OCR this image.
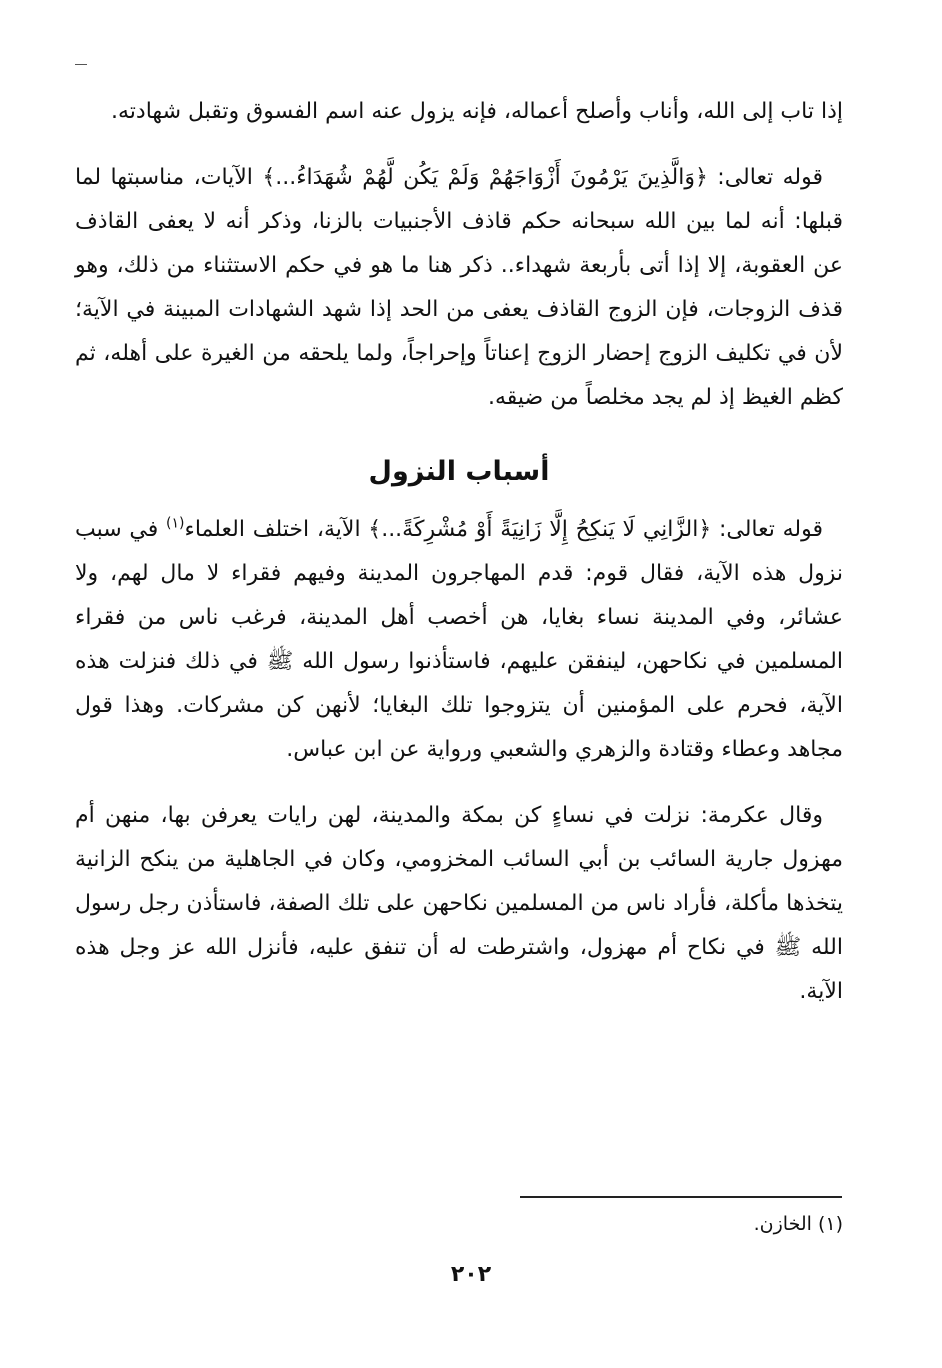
إذا تاب إلى الله، وأناب وأصلح أعماله، فإنه يزول عنه اسم الفسوق وتقبل شهادته.

قوله تعالى: ﴿وَالَّذِينَ يَرْمُونَ أَزْوَاجَهُمْ وَلَمْ يَكُن لَّهُمْ شُهَدَاءُ...﴾ الآيات، مناسبتها لما قبلها: أنه لما بين الله سبحانه حكم قاذف الأجنبيات بالزنا، وذكر أنه لا يعفى القاذف عن العقوبة، إلا إذا أتى بأربعة شهداء.. ذكر هنا ما هو في حكم الاستثناء من ذلك، وهو قذف الزوجات، فإن الزوج القاذف يعفى من الحد إذا شهد الشهادات المبينة في الآية؛ لأن في تكليف الزوج إحضار الزوج إعناتاً وإحراجاً، ولما يلحقه من الغيرة على أهله، ثم كظم الغيظ إذ لم يجد مخلصاً من ضيقه.

أسباب النزول

قوله تعالى: ﴿الزَّانِي لَا يَنكِحُ إِلَّا زَانِيَةً أَوْ مُشْرِكَةً...﴾ الآية، اختلف العلماء$^{(١)}$ في سبب نزول هذه الآية، فقال قوم: قدم المهاجرون المدينة وفيهم فقراء لا مال لهم، ولا عشائر، وفي المدينة نساء بغايا، هن أخصب أهل المدينة، فرغب ناس من فقراء المسلمين في نكاحهن، لينفقن عليهم، فاستأذنوا رسول الله ﷺ في ذلك فنزلت هذه الآية، فحرم على المؤمنين أن يتزوجوا تلك البغايا؛ لأنهن كن مشركات. وهذا قول مجاهد وعطاء وقتادة والزهري والشعبي ورواية عن ابن عباس.

وقال عكرمة: نزلت في نساءٍ كن بمكة والمدينة، لهن رايات يعرفن بها، منهن أم مهزول جارية السائب بن أبي السائب المخزومي، وكان في الجاهلية من ينكح الزانية يتخذها مأكلة، فأراد ناس من المسلمين نكاحهن على تلك الصفة، فاستأذن رجل رسول الله ﷺ في نكاح أم مهزول، واشترطت له أن تنفق عليه، فأنزل الله عز وجل هذه الآية.

(١) الخازن.
٢٠٢
